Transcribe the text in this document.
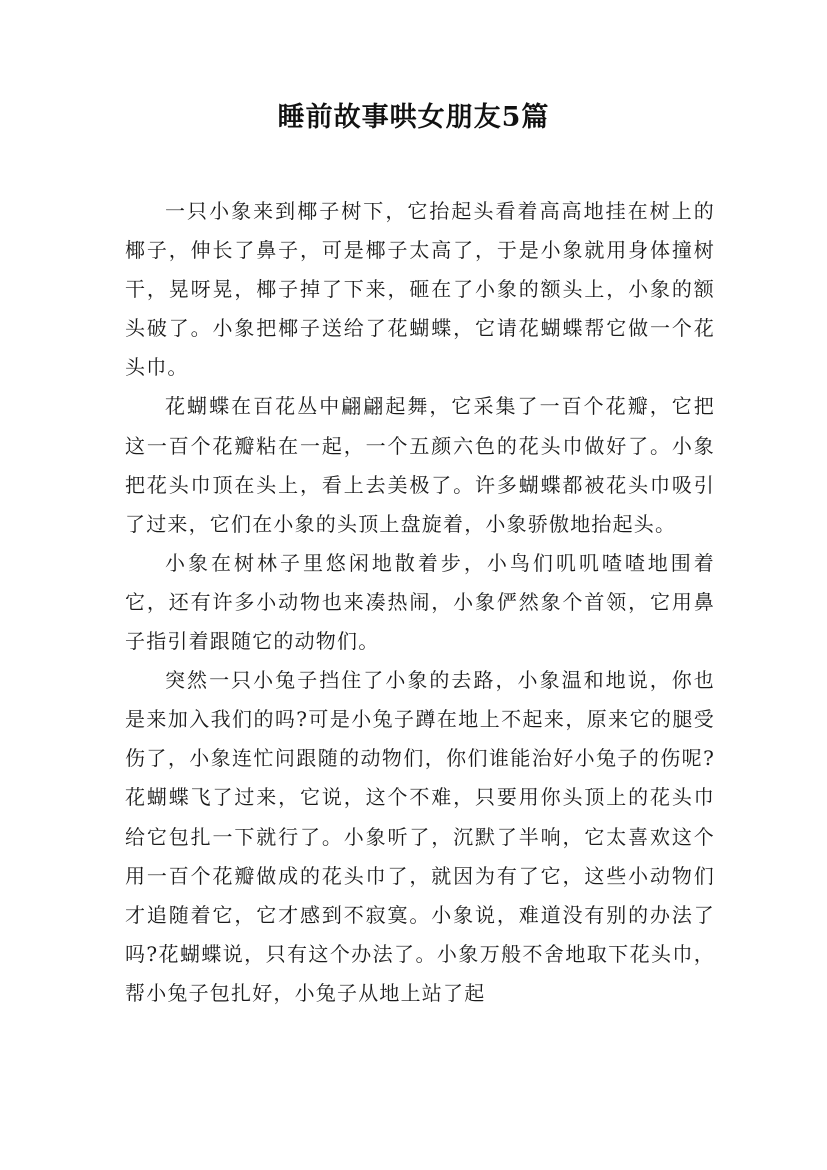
睡前故事哄女朋友5篇

一只小象来到椰子树下，它抬起头看着高高地挂在树上的椰子，伸长了鼻子，可是椰子太高了，于是小象就用身体撞树干，晃呀晃，椰子掉了下来，砸在了小象的额头上，小象的额头破了。小象把椰子送给了花蝴蝶，它请花蝴蝶帮它做一个花头巾。

花蝴蝶在百花丛中翩翩起舞，它采集了一百个花瓣，它把这一百个花瓣粘在一起，一个五颜六色的花头巾做好了。小象把花头巾顶在头上，看上去美极了。许多蝴蝶都被花头巾吸引了过来，它们在小象的头顶上盘旋着，小象骄傲地抬起头。

小象在树林子里悠闲地散着步，小鸟们叽叽喳喳地围着它，还有许多小动物也来凑热闹，小象俨然象个首领，它用鼻子指引着跟随它的动物们。

突然一只小兔子挡住了小象的去路，小象温和地说，你也是来加入我们的吗?可是小兔子蹲在地上不起来，原来它的腿受伤了，小象连忙问跟随的动物们，你们谁能治好小兔子的伤呢?花蝴蝶飞了过来，它说，这个不难，只要用你头顶上的花头巾给它包扎一下就行了。小象听了，沉默了半响，它太喜欢这个用一百个花瓣做成的花头巾了，就因为有了它，这些小动物们才追随着它，它才感到不寂寞。小象说，难道没有别的办法了吗?花蝴蝶说，只有这个办法了。小象万般不舍地取下花头巾，帮小兔子包扎好，小兔子从地上站了起
